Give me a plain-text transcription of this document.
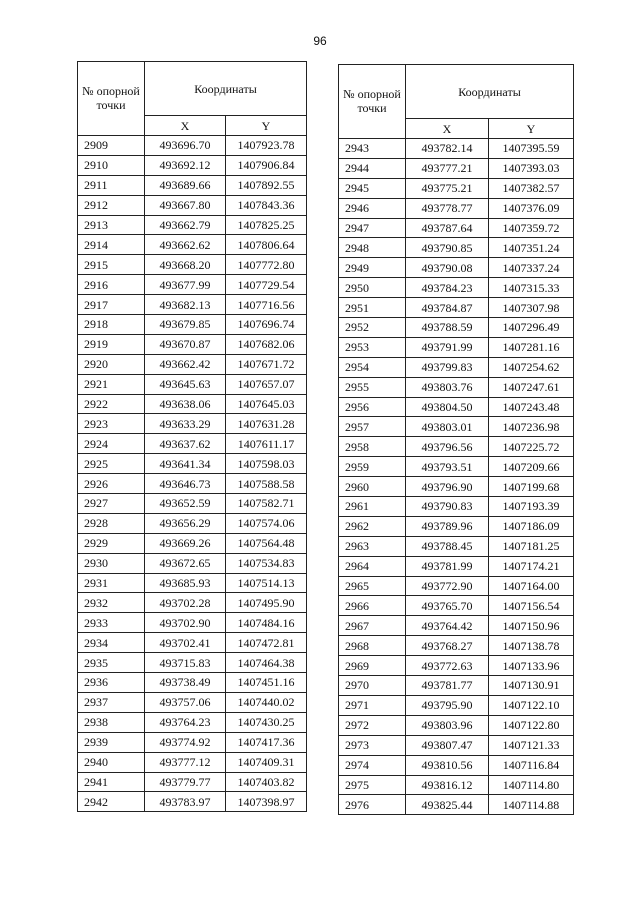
96
№ опорной точки	Координаты	
	X	Y
2909	493696.70	1407923.78
2910	493692.12	1407906.84
2911	493689.66	1407892.55
2912	493667.80	1407843.36
2913	493662.79	1407825.25
2914	493662.62	1407806.64
2915	493668.20	1407772.80
2916	493677.99	1407729.54
2917	493682.13	1407716.56
2918	493679.85	1407696.74
2919	493670.87	1407682.06
2920	493662.42	1407671.72
2921	493645.63	1407657.07
2922	493638.06	1407645.03
2923	493633.29	1407631.28
2924	493637.62	1407611.17
2925	493641.34	1407598.03
2926	493646.73	1407588.58
2927	493652.59	1407582.71
2928	493656.29	1407574.06
2929	493669.26	1407564.48
2930	493672.65	1407534.83
2931	493685.93	1407514.13
2932	493702.28	1407495.90
2933	493702.90	1407484.16
2934	493702.41	1407472.81
2935	493715.83	1407464.38
2936	493738.49	1407451.16
2937	493757.06	1407440.02
2938	493764.23	1407430.25
2939	493774.92	1407417.36
2940	493777.12	1407409.31
2941	493779.77	1407403.82
2942	493783.97	1407398.97
№ опорной точки	Координаты	
	X	Y
2943	493782.14	1407395.59
2944	493777.21	1407393.03
2945	493775.21	1407382.57
2946	493778.77	1407376.09
2947	493787.64	1407359.72
2948	493790.85	1407351.24
2949	493790.08	1407337.24
2950	493784.23	1407315.33
2951	493784.87	1407307.98
2952	493788.59	1407296.49
2953	493791.99	1407281.16
2954	493799.83	1407254.62
2955	493803.76	1407247.61
2956	493804.50	1407243.48
2957	493803.01	1407236.98
2958	493796.56	1407225.72
2959	493793.51	1407209.66
2960	493796.90	1407199.68
2961	493790.83	1407193.39
2962	493789.96	1407186.09
2963	493788.45	1407181.25
2964	493781.99	1407174.21
2965	493772.90	1407164.00
2966	493765.70	1407156.54
2967	493764.42	1407150.96
2968	493768.27	1407138.78
2969	493772.63	1407133.96
2970	493781.77	1407130.91
2971	493795.90	1407122.10
2972	493803.96	1407122.80
2973	493807.47	1407121.33
2974	493810.56	1407116.84
2975	493816.12	1407114.80
2976	493825.44	1407114.88
